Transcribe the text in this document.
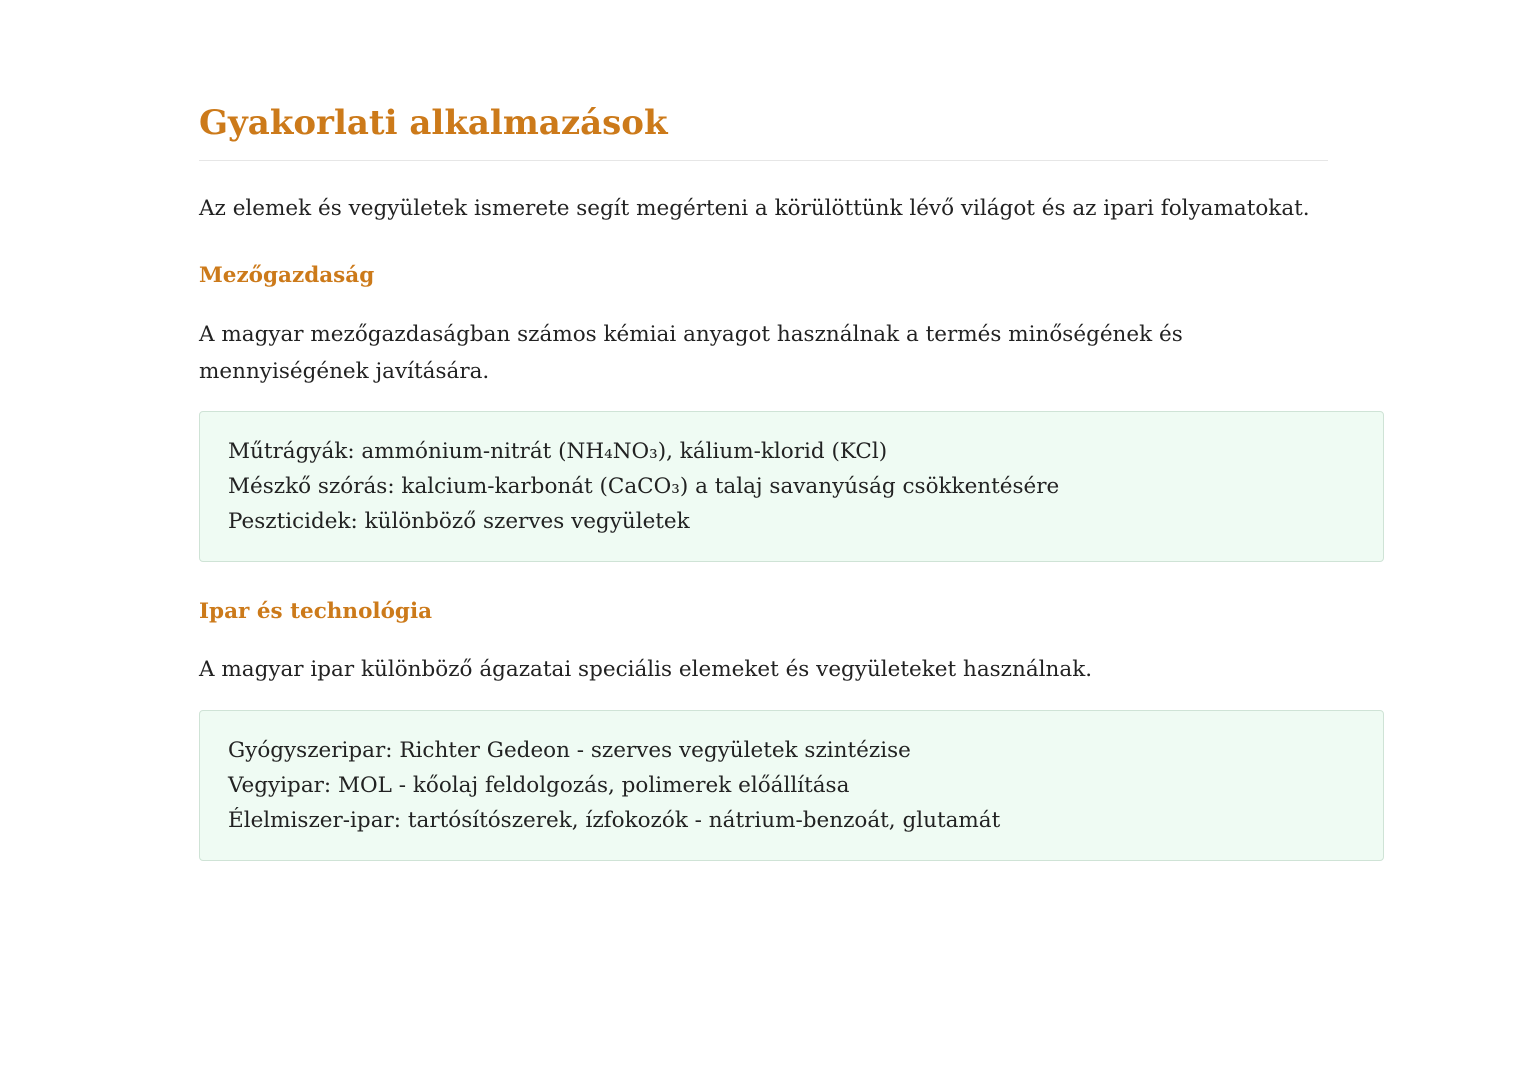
Gyakorlati alkalmazások

Az elemek és vegyületek ismerete segít megérteni a körülöttünk lévő világot és az ipari folyamatokat.

Mezőgazdaság

A magyar mezőgazdaságban számos kémiai anyagot használnak a termés minőségének és mennyiségének javítására.

Műtrágyák: ammónium-nitrát (NH₄NO₃), kálium-klorid (KCl)
Mészkő szórás: kalcium-karbonát (CaCO₃) a talaj savanyúság csökkentésére
Peszticidek: különböző szerves vegyületek
Ipar és technológia

A magyar ipar különböző ágazatai speciális elemeket és vegyületeket használnak.

Gyógyszeripar: Richter Gedeon - szerves vegyületek szintézise
Vegyipar: MOL - kőolaj feldolgozás, polimerek előállítása
Élelmiszer-ipar: tartósítószerek, ízfokozók - nátrium-benzoát, glutamát
